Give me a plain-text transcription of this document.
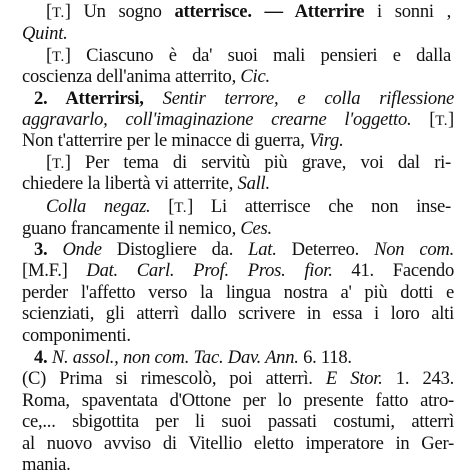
[T.] Un sogno atterrisce. — Atterrire i sonni ,
Quint.
[T.] Ciascuno è da' suoi mali pensieri e dalla
coscienza dell'anima atterrito, Cic.
2. Atterrirsi, Sentir terrore, e colla riflessione
aggravarlo, coll'imaginazione crearne l'oggetto. [T.]
Non t'atterrire per le minacce di guerra, Virg.
[T.] Per tema di servitù più grave, voi dal ri-
chiedere la libertà vi atterrite, Sall.
Colla negaz. [T.] Li atterrisce che non inse-
guano francamente il nemico, Ces.
3. Onde Distogliere da. Lat. Deterreo. Non com.
[M.F.] Dat. Carl. Prof. Pros. fior. 41. Facendo
perder l'affetto verso la lingua nostra a' più dotti e
scienziati, gli atterrì dallo scrivere in essa i loro alti
componimenti.
4. N. assol., non com. Tac. Dav. Ann. 6. 118.
(C) Prima si rimescolò, poi atterrì. E Stor. 1. 243.
Roma, spaventata d'Ottone per lo presente fatto atro-
ce,... sbigottita per li suoi passati costumi, atterrì
al nuovo avviso di Vitellio eletto imperatore in Ger-
mania.
